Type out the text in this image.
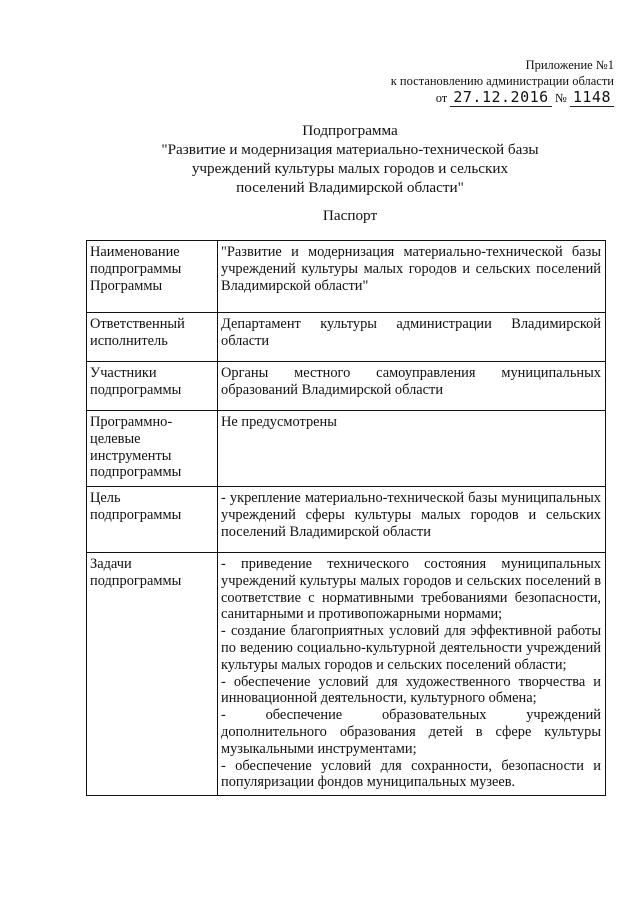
Приложение №1
к постановлению администрации области
от 27.12.2016 № 1148
Подпрограмма
"Развитие и модернизация материально-технической базы
учреждений культуры малых городов и сельских
поселений Владимирской области"
Паспорт
Наименование подпрограммы Программы	"Развитие и модернизация материально-технической базы учреждений культуры малых городов и сельских поселений Владимирской области"

Ответственный исполнитель	Департамент культуры администрации Владимирской области

Участники подпрограммы	Органы местного самоуправления муниципальных образований Владимирской области

Программно-целевые инструменты подпрограммы	Не предусмотрены

Цель подпрограммы	- укрепление материально-технической базы муниципальных учреждений сферы культуры малых городов и сельских поселений Владимирской области

Задачи подпрограммы	- приведение технического состояния муниципальных учреждений культуры малых городов и сельских поселений в соответствие с нормативными требованиями безопасности, санитарными и противопожарными нормами;
- создание благоприятных условий для эффективной работы по ведению социально-культурной деятельности учреждений культуры малых городов и сельских поселений области;
- обеспечение условий для художественного творчества и инновационной деятельности, культурного обмена;
- обеспечение образовательных учреждений дополнительного образования детей в сфере культуры музыкальными инструментами;
- обеспечение условий для сохранности, безопасности и популяризации фондов муниципальных музеев.
